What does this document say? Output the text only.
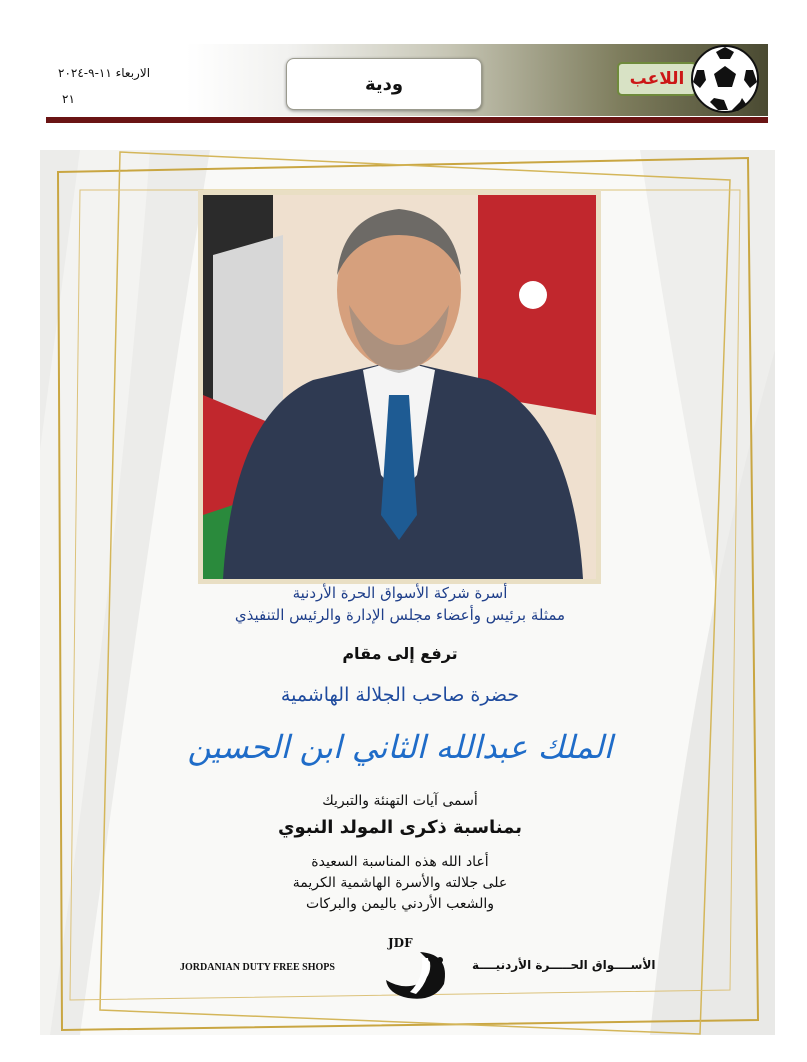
الاربعاء ١١-٩-٢٠٢٤
٢١
ودية	اللاعب
أسرة شركة الأسواق الحرة الأردنية
ممثلة برئيس وأعضاء مجلس الإدارة والرئيس التنفيذي
ترفع إلى مقام
حضرة صاحب الجلالة الهاشمية
الملك عبدالله الثاني ابن الحسين
أسمى آيات التهنئة والتبريك
بمناسبة ذكرى المولد النبوي
أعاد الله هذه المناسبة السعيدة
على جلالته والأسرة الهاشمية الكريمة
والشعب الأردني باليمن والبركات
JDF
JORDANIAN DUTY FREE SHOPS	الأســــواق الحـــــرة الأردنيــــة
